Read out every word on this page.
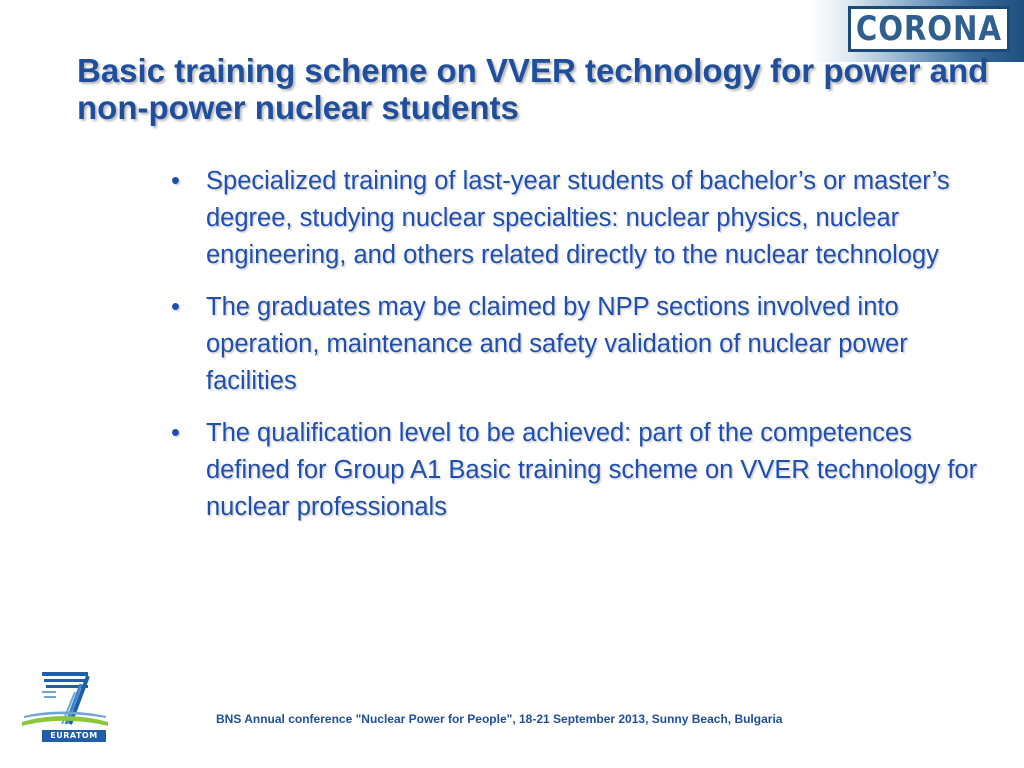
CORONA
Basic training scheme on VVER technology for power and non-power nuclear students
• Specialized training of last-year students of bachelor’s or master’s degree, studying nuclear specialties: nuclear physics, nuclear engineering, and others related directly to the nuclear technology
• The graduates may be claimed by NPP sections involved into operation, maintenance and safety validation of nuclear power facilities
• The qualification level to be achieved: part of the competences defined for Group A1 Basic training scheme on VVER technology for nuclear professionals
EURATOM

BNS Annual conference "Nuclear Power for People", 18-21 September 2013, Sunny Beach, Bulgaria
